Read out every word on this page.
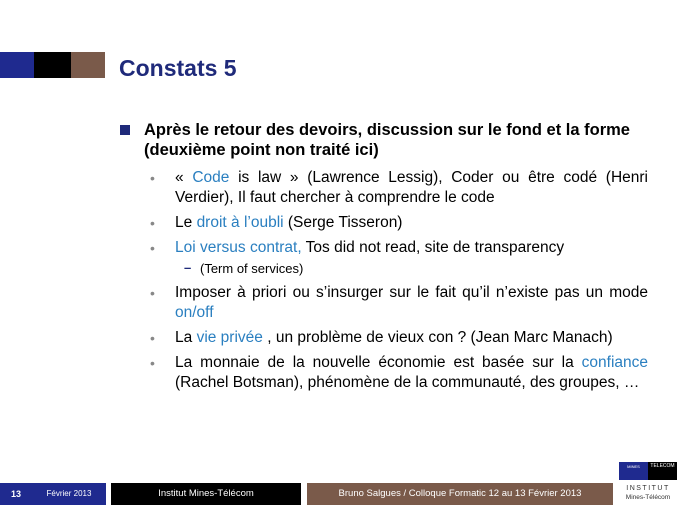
Constats 5
Après le retour des devoirs, discussion sur le fond et la forme (deuxième point non traité ici)
• « Code is law » (Lawrence Lessig), Coder ou être codé (Henri Verdier), Il faut chercher à comprendre le code
• Le droit à l’oubli (Serge Tisseron)
• Loi versus contrat, Tos did not read, site de transparency
– (Term of services)
• Imposer à priori ou s’insurger sur le fait qu’il n’existe pas un mode on/off
• La vie privée , un problème de vieux con ? (Jean Marc Manach)
• La monnaie de la nouvelle économie est basée sur la confiance (Rachel Botsman), phénomène de la communauté, des groupes, …
13	Février 2013	Institut Mines-Télécom	Bruno Salgues / Colloque Formatic 12 au 13 Février 2013
MINES	TELECOM
INSTITUT
Mines-Télécom
